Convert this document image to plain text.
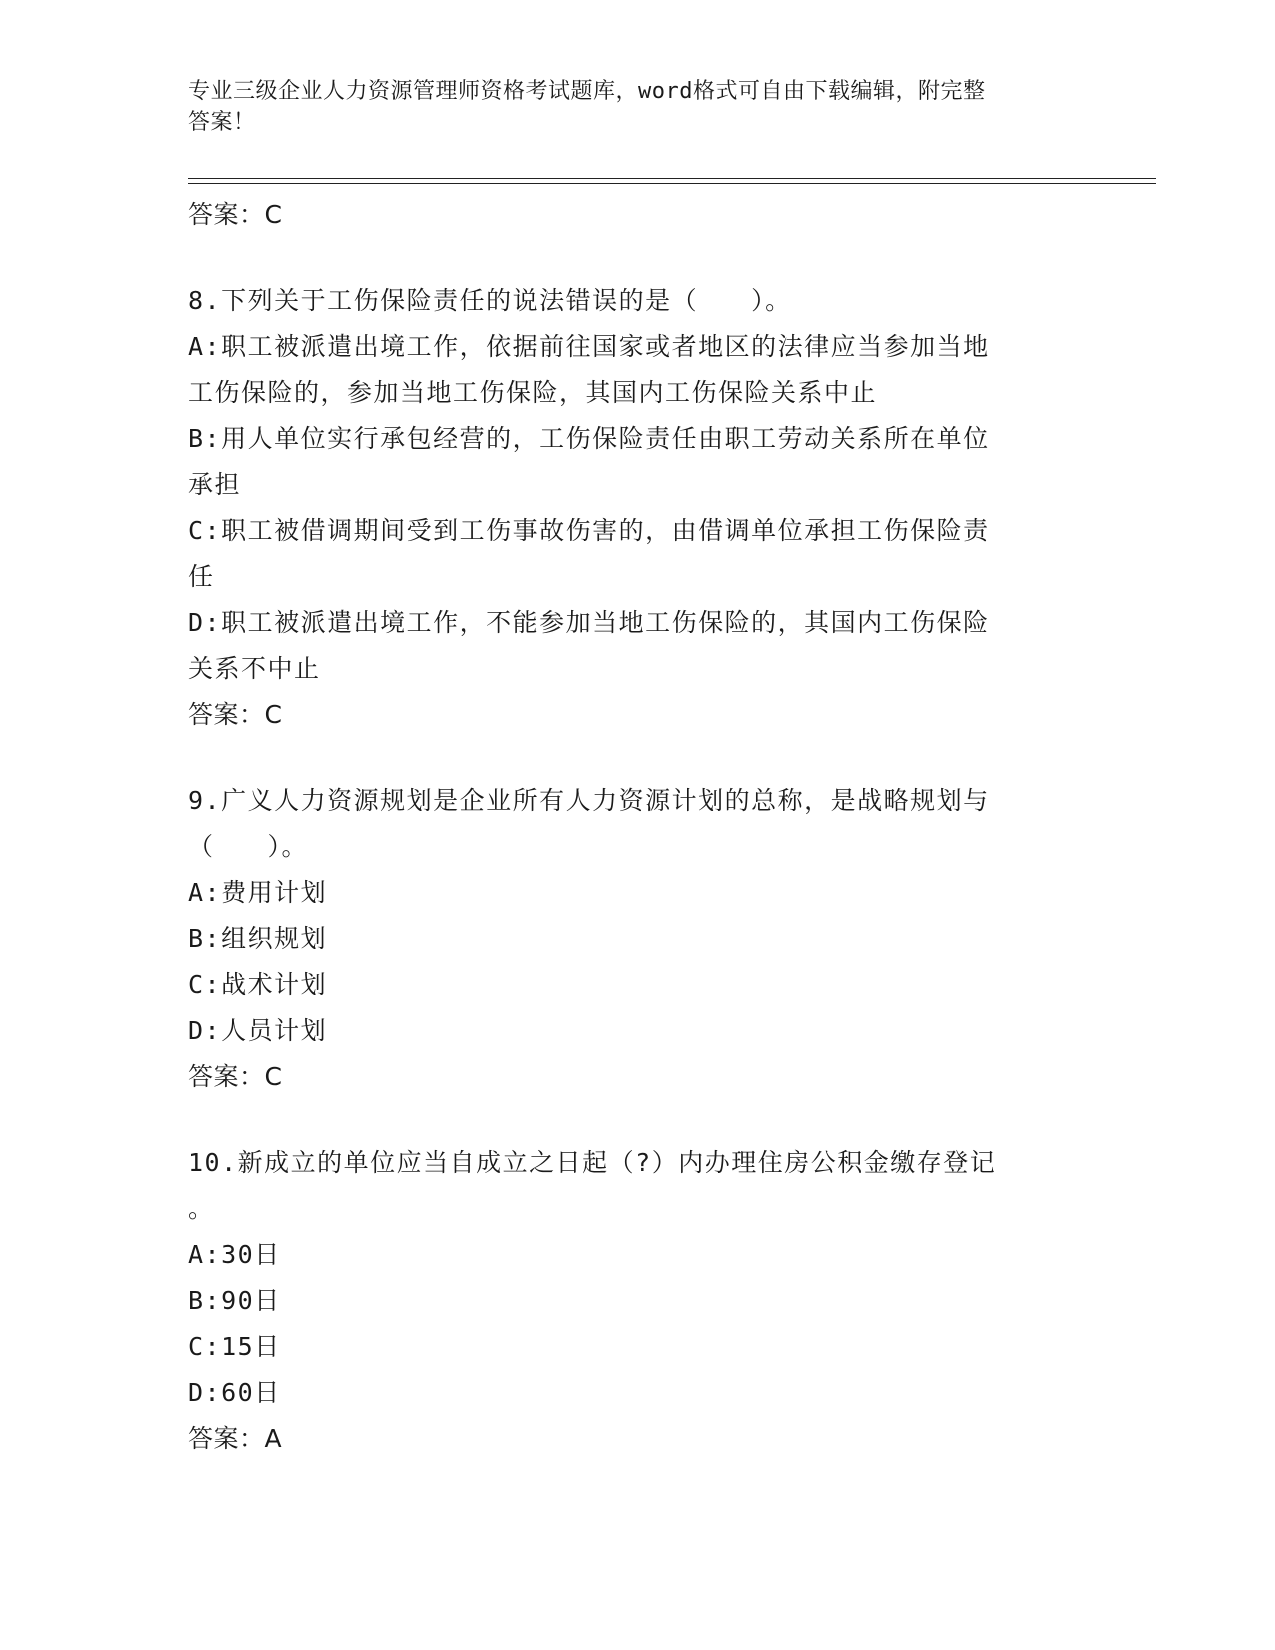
专业三级企业人力资源管理师资格考试题库，word格式可自由下载编辑，附完整
答案！
答案：C
8.下列关于工伤保险责任的说法错误的是（　　）。
A:职工被派遣出境工作，依据前往国家或者地区的法律应当参加当地
工伤保险的，参加当地工伤保险，其国内工伤保险关系中止
B:用人单位实行承包经营的，工伤保险责任由职工劳动关系所在单位
承担
C:职工被借调期间受到工伤事故伤害的，由借调单位承担工伤保险责
任
D:职工被派遣出境工作，不能参加当地工伤保险的，其国内工伤保险
关系不中止
答案：C
9.广义人力资源规划是企业所有人力资源计划的总称，是战略规划与
（　　）。
A:费用计划
B:组织规划
C:战术计划
D:人员计划
答案：C
10.新成立的单位应当自成立之日起（?）内办理住房公积金缴存登记
。
A:30日
B:90日
C:15日
D:60日
答案：A
